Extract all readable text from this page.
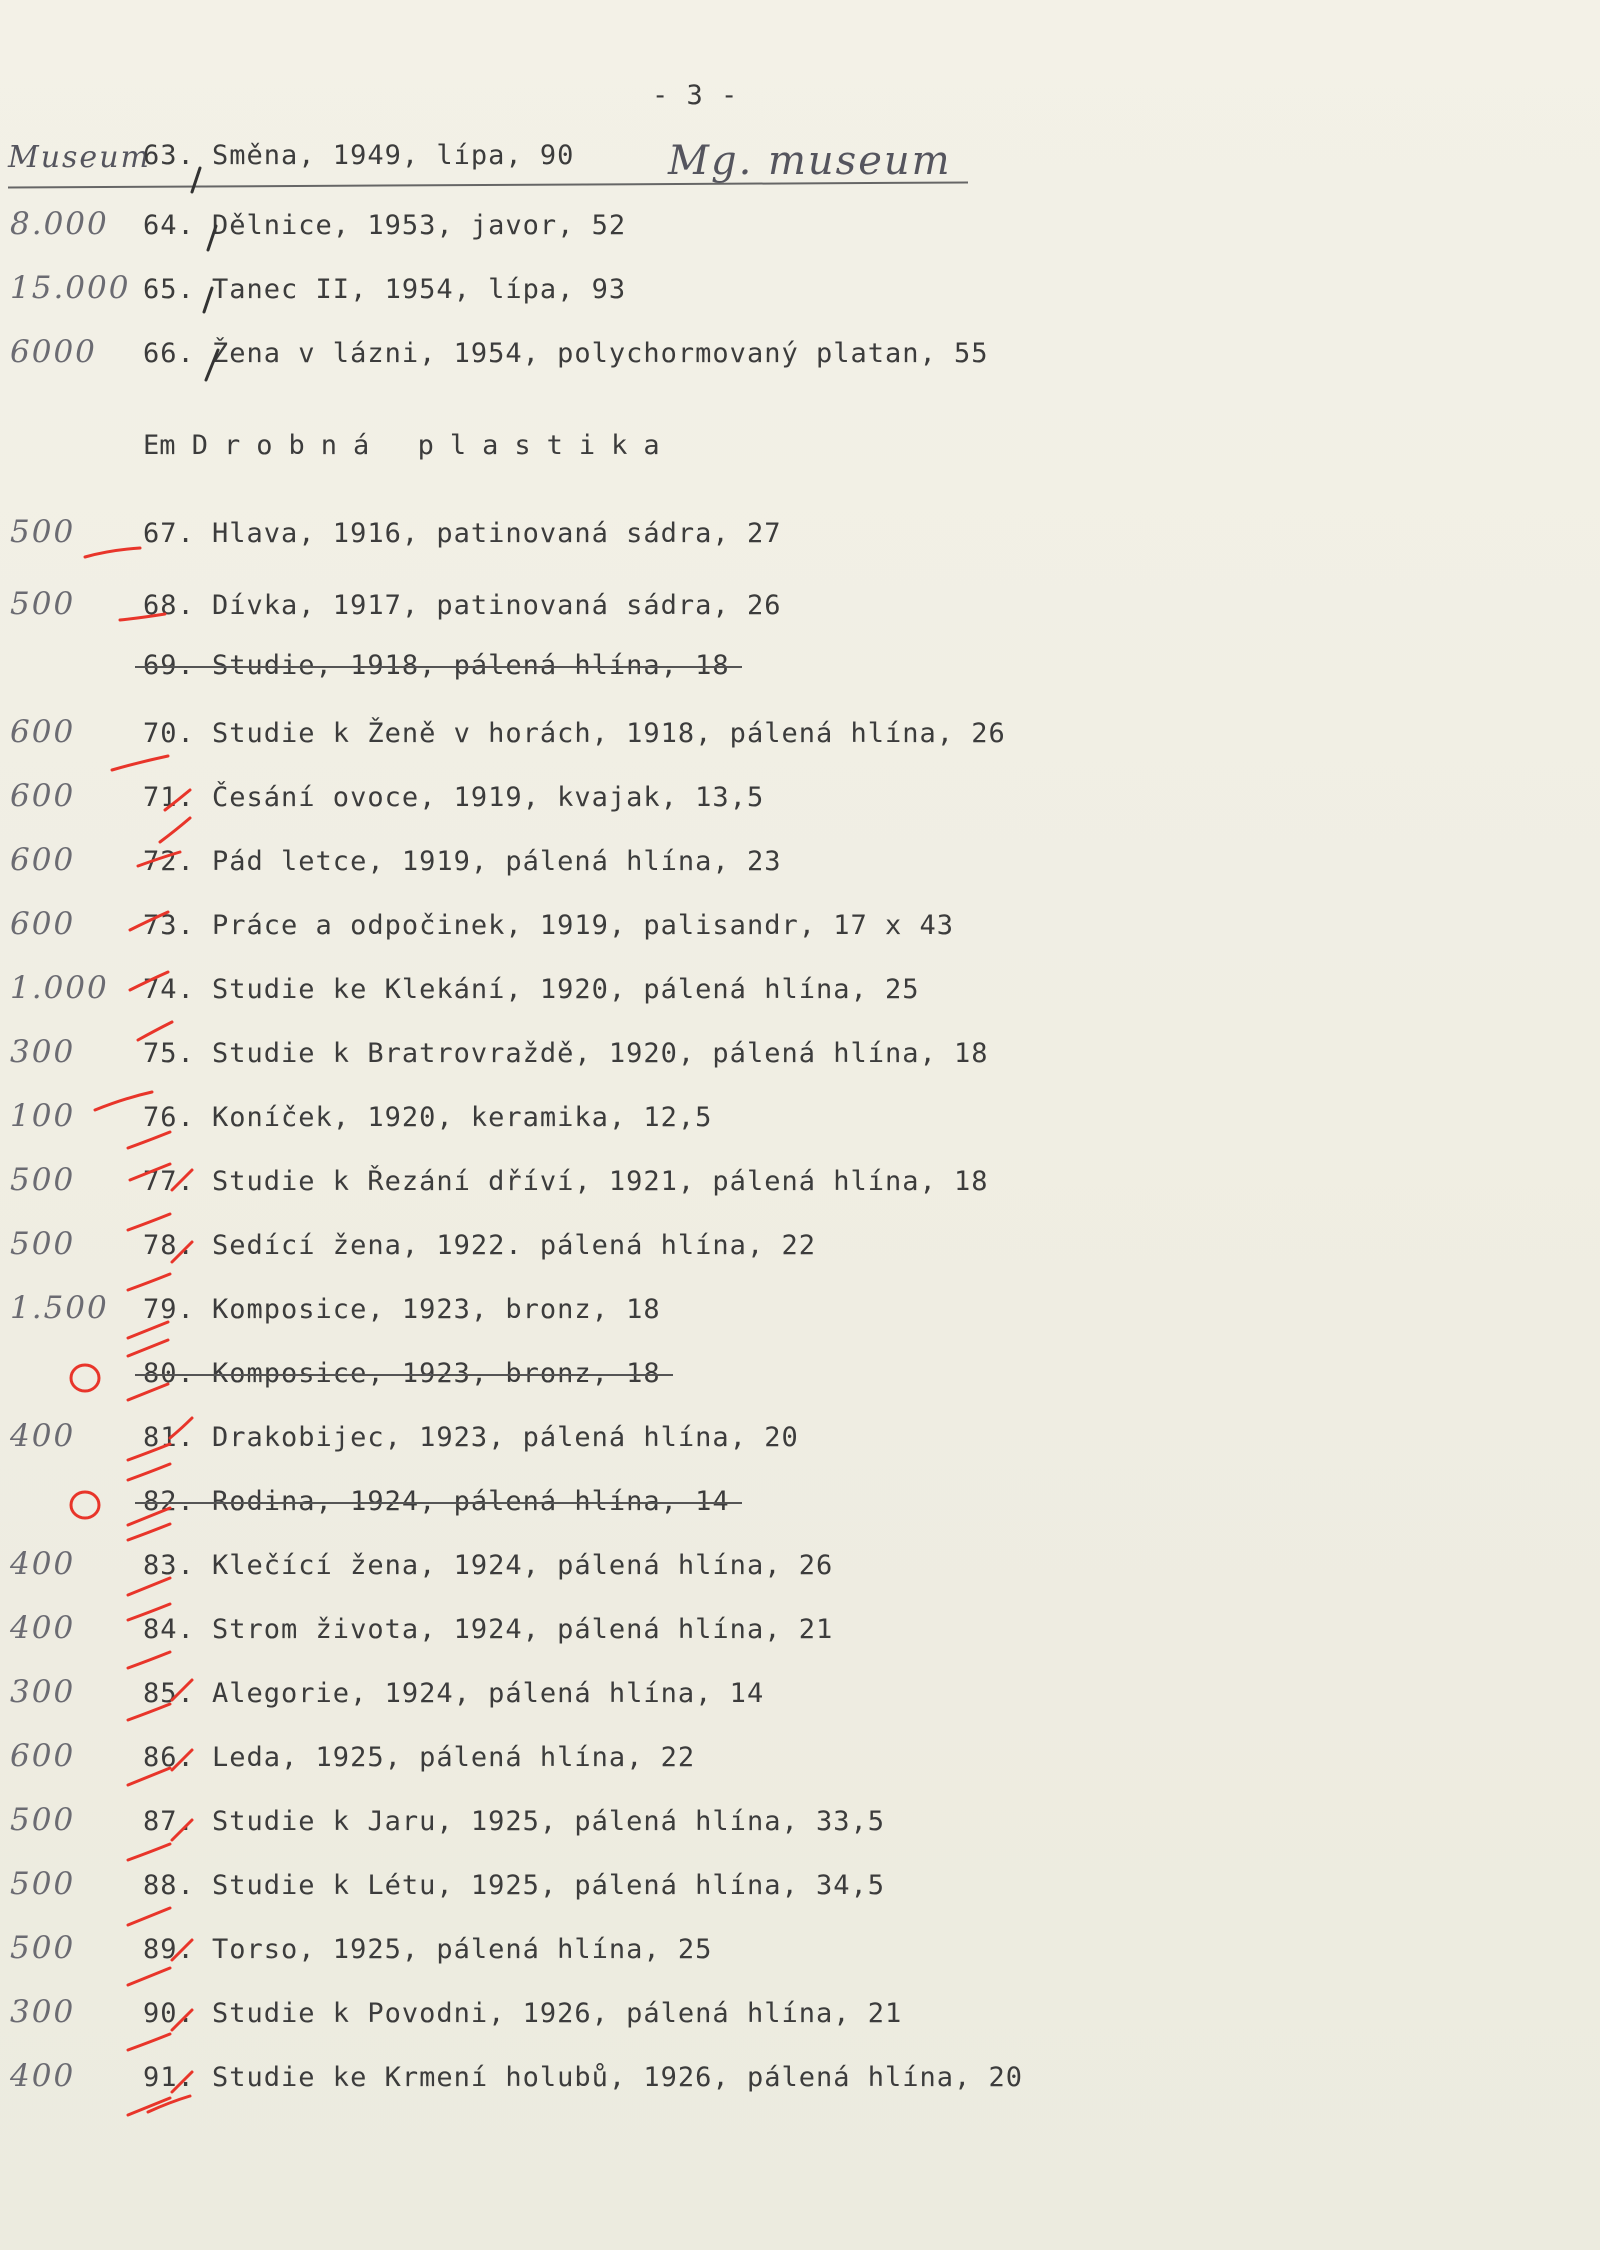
- 3 -
Museum
63. Směna, 1949, lípa, 90 Mg. museum
8.000 64. Dělnice, 1953, javor, 52
15.000 65. Tanec II, 1954, lípa, 93
6000 66. Žena v lázni, 1954, polychormovaný platan, 55
Em Drobná plastika
500	67. Hlava, 1916, patinovaná sádra, 27
500	68. Dívka, 1917, patinovaná sádra, 26
69. Studie, 1918, pálená hlína, 18
600	70. Studie k Ženě v horách, 1918, pálená hlína, 26
600	71. Česání ovoce, 1919, kvajak, 13,5
600	72. Pád letce, 1919, pálená hlína, 23
600	73. Práce a odpočinek, 1919, palisandr, 17 x 43
1.000 74. Studie ke Klekání, 1920, pálená hlína, 25
300	75. Studie k Bratrovraždě, 1920, pálená hlína, 18
100	76. Koníček, 1920, keramika, 12,5
500	77. Studie k Řezání dříví, 1921, pálená hlína, 18
500	78. Sedící žena, 1922. pálená hlína, 22
1.500 79. Komposice, 1923, bronz, 18
80. Komposice, 1923, bronz, 18
400	81. Drakobijec, 1923, pálená hlína, 20
82. Rodina, 1924, pálená hlína, 14
400	83. Klečící žena, 1924, pálená hlína, 26
400	84. Strom života, 1924, pálená hlína, 21
300	85. Alegorie, 1924, pálená hlína, 14
600	86. Leda, 1925, pálená hlína, 22
500	87. Studie k Jaru, 1925, pálená hlína, 33,5
500	88. Studie k Létu, 1925, pálená hlína, 34,5
500	89. Torso, 1925, pálená hlína, 25
300	90. Studie k Povodni, 1926, pálená hlína, 21
400	91. Studie ke Krmení holubů, 1926, pálená hlína, 20
